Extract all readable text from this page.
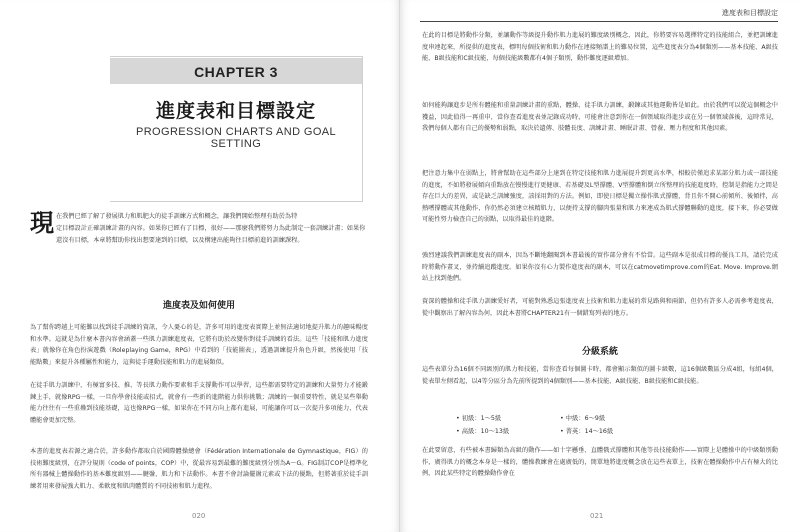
CHAPTER 3
進度表和目標設定
PROGRESSION CHARTS AND GOAL SETTING
現 在我們已經了解了發展肌力和肌肥大的徒手訓練方式和概念，讓我們開始整理有助於為特
定目標設計正確訓練計畫的內容。如果你已經有了目標，很好——那麼我們將努力為此制定一套訓練計畫；如果你還沒有目標，本章將幫助你找出想要達到的目標，以及構建出能夠往目標前進的訓練課程。
進度表及如何使用
為了幫你跨越上可能難以找到徒手訓練的資訊，令人憂心的是，許多可用的進度表實際上並無法適切地提升肌力的趣味暢度和水準。這就是為什麼本書內容會涵蓋一些肌力訓練進度表，它將有助於改變你對徒手訓練的看法。這些「技能和肌力進度表」就像你在角色扮演遊戲（Roleplaying Game，RPG）中看到的「技能圖表」，透過訓練提升角色升級，然後使用「技能點數」來提升各種屬性和能力，這與徒手運動技能和肌力的進展類似。
在徒手肌力訓練中，有極富多技、推、等長肌力動作要素和手支撐動作可以學習，這些都需要特定的訓練和大量努力才能鍛鍊上手，就像RPG一樣，一旦你學會技能或招式，就會有一些新的進階能力供你挑戰；訓練的一個重要特性，就是某些舉動能力往往有一些重疊到技能基礎，這也像RPG一樣，如果你在不同方向上都有進展，可能讓你可以一次提升多項能力，代表體能會更加完整。
本書的進度表若源之適合於，許多動作都取自於國際體操總會（Fédération Internationale de Gymnastique，FIG）的技術難度級別，在評分規則（code of points，COP）中，從最容易到最難的難度級別分別為A～G。FIG制訂COP是標準化所有器械上體操動作的基本難度級別——腱盪、肌力和下法動作。本書不會討論擺盪元素或下法的優點，但將著重於徒手訓練者用來發展強大肌力、柔軟度和肌肉體質的不同技術和肌力進程。
020
進度表和目標設定
在此的目標是將動作分類，並讓動作等級提升動作肌力進展的難度級別概念，因此，你將要容易選擇特定的技能組合，並把訓練進度串連起來，所提供的進度表，標明每個技術和肌力動作在連接頻譜上的難易位置，這些進度表分為4個類別——基本技能、A級技能、B級技能和C級技能，每個技能級數都有4個子類別，動作難度逐級增加。
如何能夠讓進步是所有體能和重量訓練計畫的重點，體操、徒手肌力訓練，鍛鍊或其他運動皆是如此。由於我們可以從這個概念中獲益，因此值得一再重申，當你查看進度表並記錄成功時，可能會注意到你在一個領域取得進步或在另一個領域落後，這時常見，我們每個人都有自己的優勢和弱點，取決於遺傳、肢體長度、訓練計畫、睡眠計畫、營養、壓力程度和其他因素。
把注意力集中在弱點上，將會幫助在這些部分上達到在特定技能和肌力進展提升到更高水準，相較於僅追求某部分肌力或一部技能的進度，不如將發展傾向重點放在慢慢進行更健康、若基礎及L型撐體、V型撐體和倒立所整理的技能進度時，控制是指能力之間是存在巨大的差異，或是缺乏訓練強度，該採用對的方法。例如，即使日標是獨立操作肌式撐體，背且你不開心前傾所、後傾拌，高熱嚐撐體或其他動作，你仍然必須建立核精肌力，以便持支撐的腳肉張量和肌力來連成為肌式撐體聯動的進度，接下來，你必要做可能性努力檢查自己的弱點，以取得最佳的進階。
強烈建議我們訓練進度表的副本，因為不斷地翻閱到本書最後的實作部分會有不恰當。這些副本是很成目標的優良工具，請於完成時將動作畫叉，並持續追蹤進度。如果你沒有心力製作進度表的副本，可以在catmovetimprove.com的Eat. Move. Improve.網站上找到他們。
資深的體操和徒手肌力訓練愛好者，可能對熟悉這張進度表上技術和肌力進展的常見路與和兩節，但仍有許多人必需參考進度表，從中觀察出了解內容為何，因此本書將CHAPTER21有一個錯寫列表的地方。
分級系統
這些表單分為16個不同級別的肌力和技能，當你查看每個圖卡時，都會顯示類似的圖卡級數，這16個級數區分成4組，每組4個，從表單左側看起，以4等分區分為先前所提到的4個類別——基本技能、A級技能、B級技能和C級技能。
021
• 初級：1～5級	• 中級：6～9級
• 高級：10～13級	• 菁英：14～16級
在此要留意，有些被本書歸類為高級的動作——如十字懸垂、直體俄式撐體和其他等長技能動作——實際上是體操中的中級類別動作，廣得肌力的概念本身是一樣的，體操教練會在處廣低的，簡單地將進度概念放在這些表單上，技術在體操動作中占有極大的比例，因此某些特定的體操動作會在
